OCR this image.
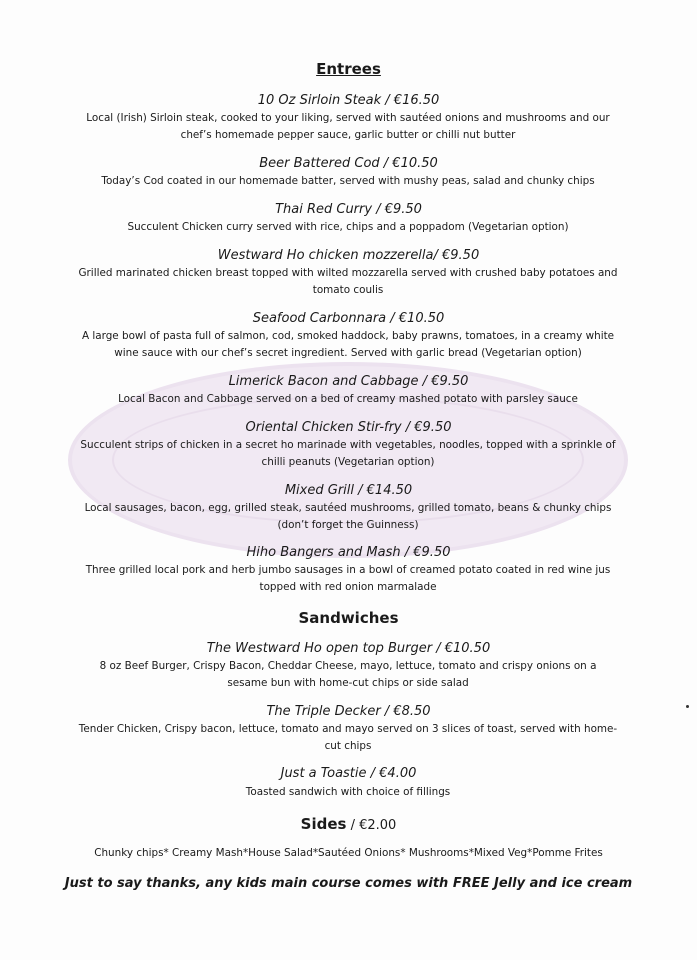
Entrees
10 Oz Sirloin Steak / €16.50
Local (Irish) Sirloin steak, cooked to your liking, served with sautéed onions and mushrooms and our chef’s homemade pepper sauce, garlic butter or chilli nut butter
Beer Battered Cod / €10.50
Today’s Cod coated in our homemade batter, served with mushy peas, salad and chunky chips
Thai Red Curry / €9.50
Succulent Chicken curry served with rice, chips and a poppadom (Vegetarian option)
Westward Ho chicken mozzerella/ €9.50
Grilled marinated chicken breast topped with wilted mozzarella served with crushed baby potatoes and tomato coulis
Seafood Carbonnara / €10.50
A large bowl of pasta full of salmon, cod, smoked haddock, baby prawns, tomatoes, in a creamy white wine sauce with our chef’s secret ingredient. Served with garlic bread (Vegetarian option)
Limerick Bacon and Cabbage / €9.50
Local Bacon and Cabbage served on a bed of creamy mashed potato with parsley sauce
Oriental Chicken Stir-fry / €9.50
Succulent strips of chicken in a secret ho marinade with vegetables, noodles, topped with a sprinkle of chilli peanuts (Vegetarian option)
Mixed Grill / €14.50
Local sausages, bacon, egg, grilled steak, sautéed mushrooms, grilled tomato, beans & chunky chips (don’t forget the Guinness)
Hiho Bangers and Mash / €9.50
Three grilled local pork and herb jumbo sausages in a bowl of creamed potato coated in red wine jus topped with red onion marmalade
Sandwiches
The Westward Ho open top Burger / €10.50
8 oz Beef Burger, Crispy Bacon, Cheddar Cheese, mayo, lettuce, tomato and crispy onions on a sesame bun with home-cut chips or side salad
The Triple Decker / €8.50
Tender Chicken, Crispy bacon, lettuce, tomato and mayo served on 3 slices of toast, served with home-cut chips
Just a Toastie / €4.00
Toasted sandwich with choice of fillings
Sides / €2.00
Chunky chips* Creamy Mash*House Salad*Sautéed Onions* Mushrooms*Mixed Veg*Pomme Frites
Just to say thanks, any kids main course comes with FREE Jelly and ice cream
